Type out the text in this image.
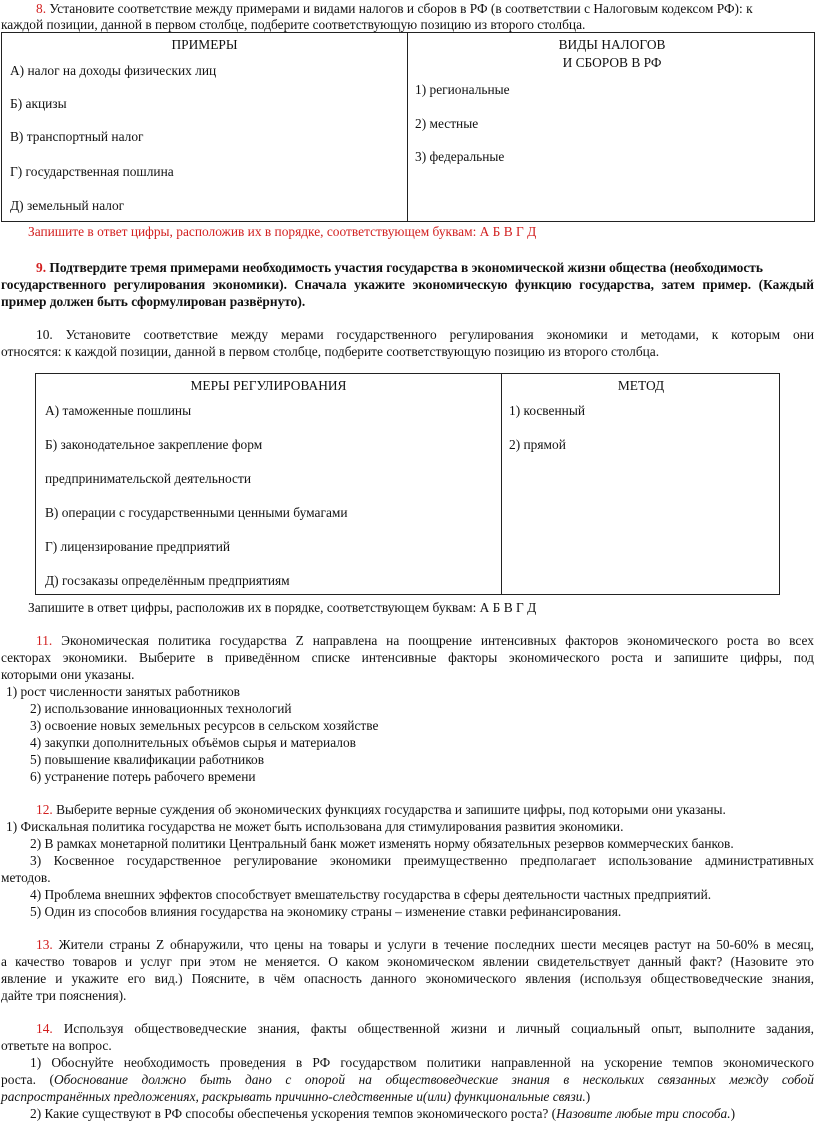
8. Установите соответствие между примерами и видами налогов и сборов в РФ (в соответствии с Налоговым кодексом РФ): к
каждой позиции, данной в первом столбце, подберите соответствующую позицию из второго столбца.
ПРИМЕРЫ	ВИДЫ НАЛОГОВ
И СБОРОВ В РФ
А) налог на доходы физических лиц
Б) акцизы
В) транспортный налог
Г) государственная пошлина
Д) земельный налог
1) региональные
2) местные
3) федеральные
Запишите в ответ цифры, расположив их в порядке, соответствующем буквам: А Б В Г Д
9. Подтвердите тремя примерами необходимость участия государства в экономической жизни общества (необходимость
государственного регулирования экономики). Сначала укажите экономическую функцию государства, затем пример. (Каждый
пример должен быть сформулирован развёрнуто).
10. Установите соответствие между мерами государственного регулирования экономики и методами, к которым они
относятся: к каждой позиции, данной в первом столбце, подберите соответствующую позицию из второго столбца.
МЕРЫ РЕГУЛИРОВАНИЯ	МЕТОД
А) таможенные пошлины
Б) законодательное закрепление форм
предпринимательской деятельности
В) операции с государственными ценными бумагами
Г) лицензирование предприятий
Д) госзаказы определённым предприятиям
1) косвенный
2) прямой
Запишите в ответ цифры, расположив их в порядке, соответствующем буквам: А Б В Г Д
11. Экономическая политика государства Z направлена на поощрение интенсивных факторов экономического роста во всех
секторах экономики. Выберите в приведённом списке интенсивные факторы экономического роста и запишите цифры, под
которыми они указаны.
1) рост численности занятых работников
2) использование инновационных технологий
3) освоение новых земельных ресурсов в сельском хозяйстве
4) закупки дополнительных объёмов сырья и материалов
5) повышение квалификации работников
6) устранение потерь рабочего времени
12. Выберите верные суждения об экономических функциях государства и запишите цифры, под которыми они указаны.
1) Фискальная политика государства не может быть использована для стимулирования развития экономики.
2) В рамках монетарной политики Центральный банк может изменять норму обязательных резервов коммерческих банков.
3) Косвенное государственное регулирование экономики преимущественно предполагает использование административных
методов.
4) Проблема внешних эффектов способствует вмешательству государства в сферы деятельности частных предприятий.
5) Один из способов влияния государства на экономику страны – изменение ставки рефинансирования.
13. Жители страны Z обнаружили, что цены на товары и услуги в течение последних шести месяцев растут на 50-60% в месяц,
а качество товаров и услуг при этом не меняется. О каком экономическом явлении свидетельствует данный факт? (Назовите это
явление и укажите его вид.) Поясните, в чём опасность данного экономического явления (используя обществоведческие знания,
дайте три пояснения).
14. Используя обществоведческие знания, факты общественной жизни и личный социальный опыт, выполните задания,
ответьте на вопрос.
1) Обоснуйте необходимость проведения в РФ государством политики направленной на ускорение темпов экономического
роста. (Обоснование должно быть дано с опорой на обществоведческие знания в нескольких связанных между собой
распространённых предложениях, раскрывать причинно-следственные и(или) функциональные связи.)
2) Какие существуют в РФ способы обеспеченья ускорения темпов экономического роста? (Назовите любые три способа.)
